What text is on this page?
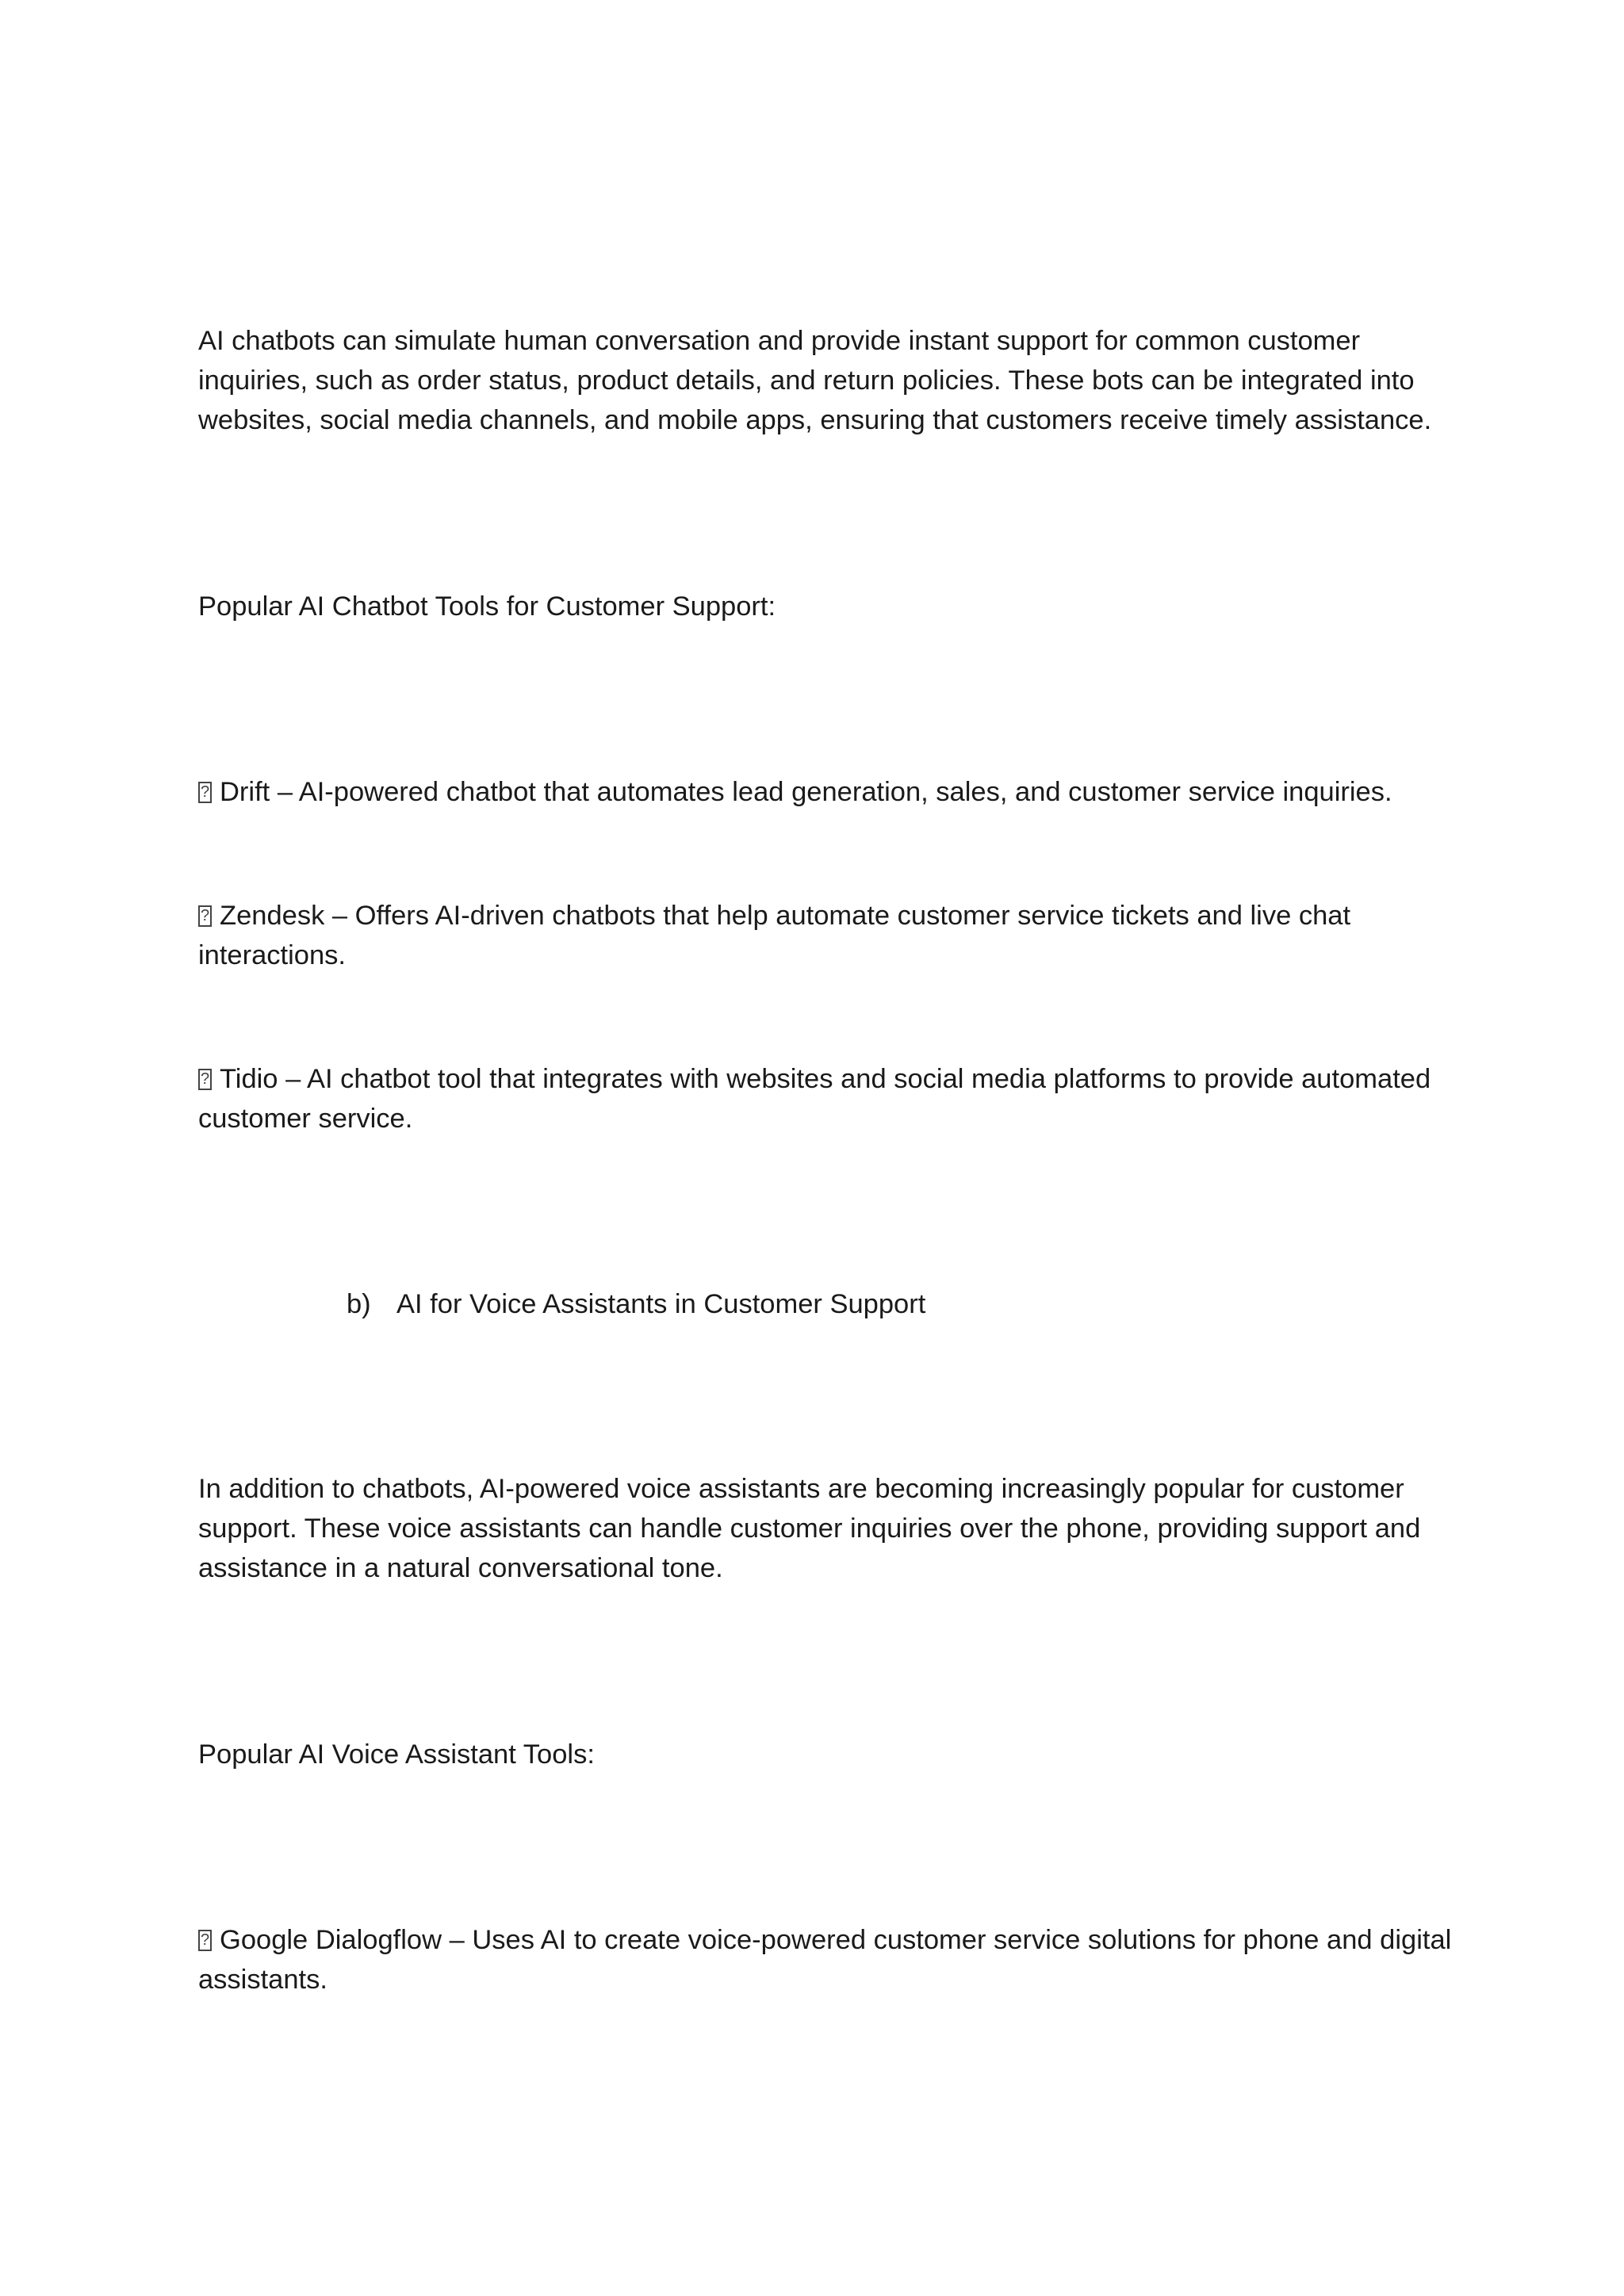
AI chatbots can simulate human conversation and provide instant support for common customer inquiries, such as order status, product details, and return policies. These bots can be integrated into websites, social media channels, and mobile apps, ensuring that customers receive timely assistance.

Popular AI Chatbot Tools for Customer Support:

?Drift – AI-powered chatbot that automates lead generation, sales, and customer service inquiries.

?Zendesk – Offers AI-driven chatbots that help automate customer service tickets and live chat interactions.

?Tidio – AI chatbot tool that integrates with websites and social media platforms to provide automated customer service.

b) AI for Voice Assistants in Customer Support

In addition to chatbots, AI-powered voice assistants are becoming increasingly popular for customer support. These voice assistants can handle customer inquiries over the phone, providing support and assistance in a natural conversational tone.

Popular AI Voice Assistant Tools:

?Google Dialogflow – Uses AI to create voice-powered customer service solutions for phone and digital assistants.
